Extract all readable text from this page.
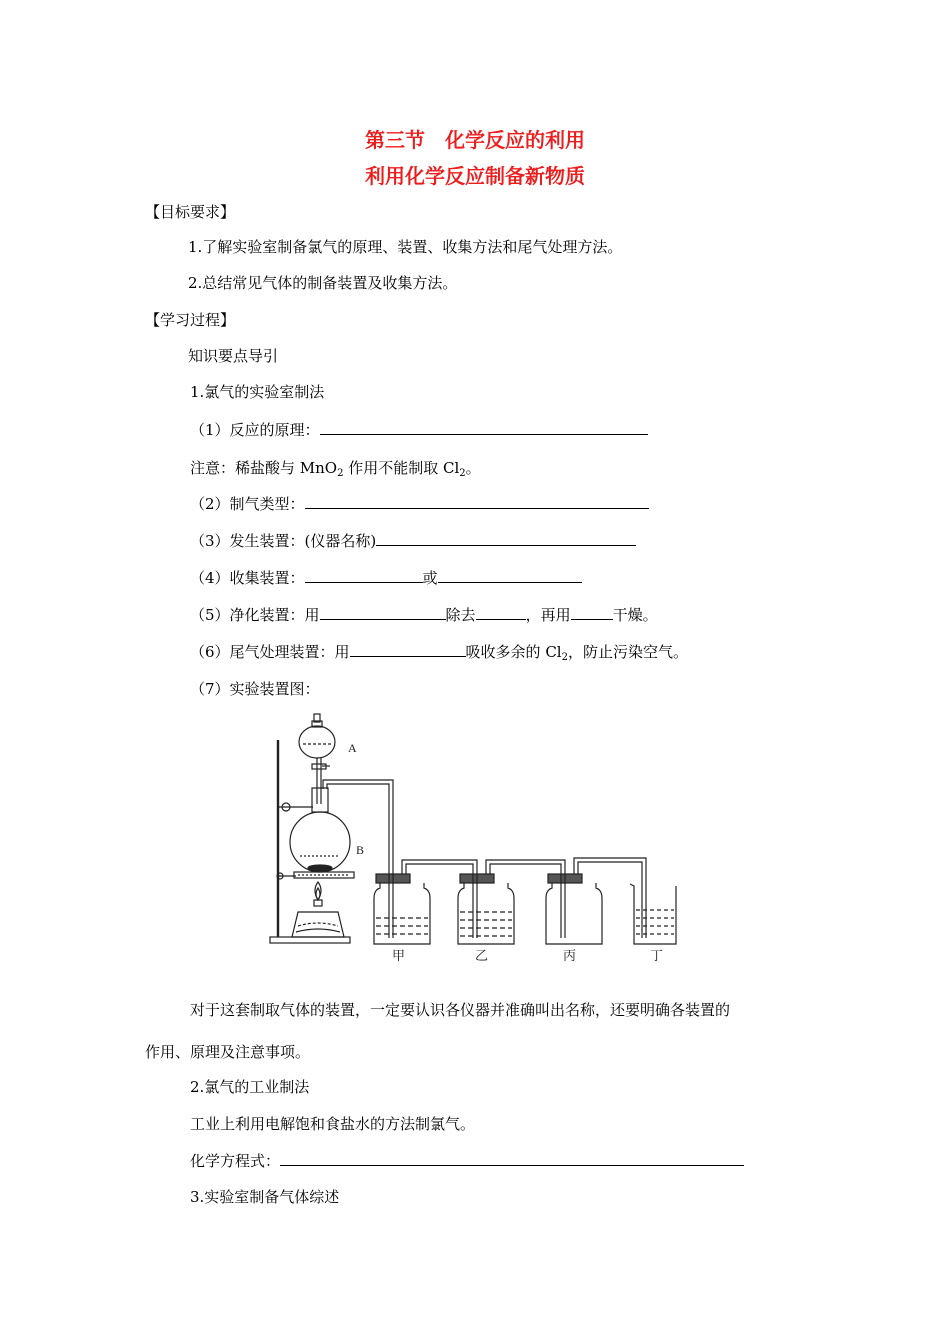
第三节　化学反应的利用
利用化学反应制备新物质
【目标要求】
1.了解实验室制备氯气的原理、装置、收集方法和尾气处理方法。
2.总结常见气体的制备装置及收集方法。
【学习过程】
知识要点导引
1.氯气的实验室制法
（1）反应的原理：
注意：稀盐酸与 MnO$_2$ 作用不能制取 $Cl_2$。
（2）制气类型：
（3）发生装置：(仪器名称)
（4）收集装置：	或
（5）净化装置：用	除去	，再用	干燥。
（6）尾气处理装置：用	吸收多余的 $Cl_2$，防止污染空气。
（7）实验装置图：
A
B
甲	乙	丙	丁
对于这套制取气体的装置，一定要认识各仪器并准确叫出名称，还要明确各装置的
作用、原理及注意事项。
2.氯气的工业制法
工业上利用电解饱和食盐水的方法制氯气。
化学方程式：
3.实验室制备气体综述
